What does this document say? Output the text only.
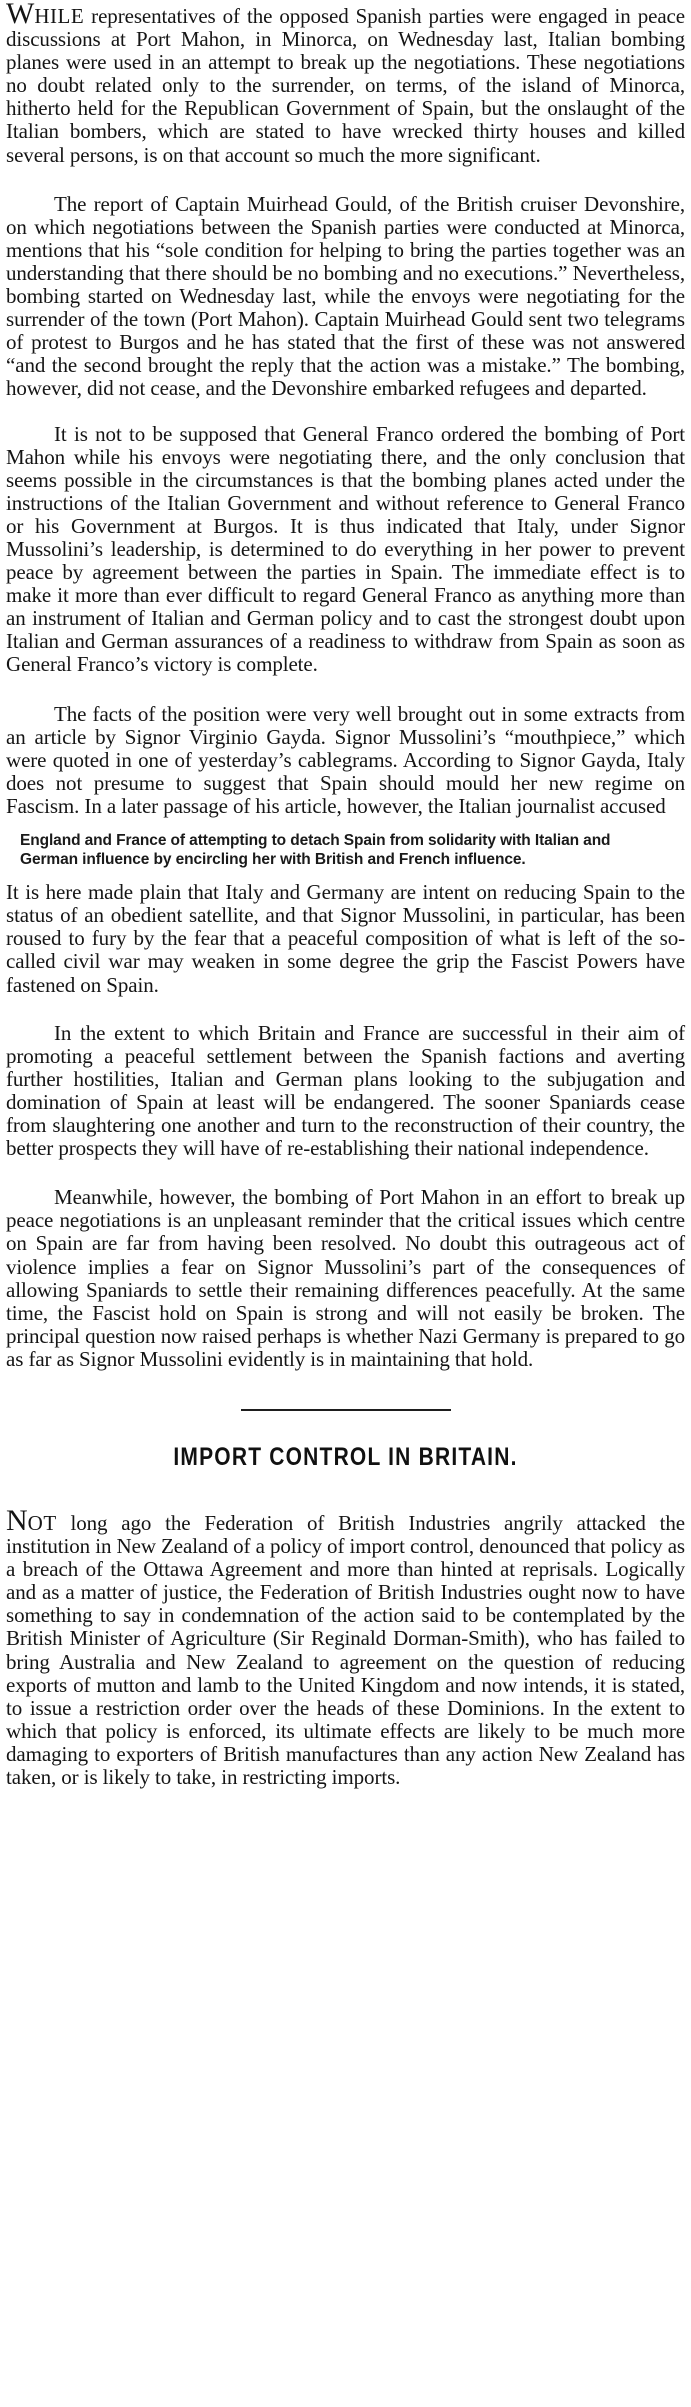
WHILE representatives of the opposed Spanish parties were engaged in peace discussions at Port Mahon, in Minorca, on Wednesday last, Italian bombing planes were used in an attempt to break up the negotiations. These negotiations no doubt related only to the surrender, on terms, of the island of Minorca, hitherto held for the Republican Government of Spain, but the onslaught of the Italian bombers, which are stated to have wrecked thirty houses and killed several persons, is on that account so much the more significant.

The report of Captain Muirhead Gould, of the British cruiser Devonshire, on which negotiations between the Spanish parties were conducted at Minorca, mentions that his “sole condition for helping to bring the parties together was an understanding that there should be no bombing and no executions.” Nevertheless, bombing started on Wednesday last, while the envoys were negotiating for the surrender of the town (Port Mahon). Captain Muirhead Gould sent two telegrams of protest to Burgos and he has stated that the first of these was not answered “and the second brought the reply that the action was a mistake.” The bombing, however, did not cease, and the Devonshire embarked refugees and departed.

It is not to be supposed that General Franco ordered the bombing of Port Mahon while his envoys were negotiating there, and the only conclusion that seems possible in the circumstances is that the bombing planes acted under the instructions of the Italian Government and without reference to General Franco or his Government at Burgos. It is thus indicated that Italy, under Signor Mussolini’s leadership, is determined to do everything in her power to prevent peace by agreement between the parties in Spain. The immediate effect is to make it more than ever difficult to regard General Franco as anything more than an instrument of Italian and German policy and to cast the strongest doubt upon Italian and German assurances of a readiness to withdraw from Spain as soon as General Franco’s victory is complete.

The facts of the position were very well brought out in some extracts from an article by Signor Virginio Gayda. Signor Mussolini’s “mouthpiece,” which were quoted in one of yesterday’s cablegrams. According to Signor Gayda, Italy does not presume to suggest that Spain should mould her new regime on Fascism. In a later passage of his article, however, the Italian journalist accused

England and France of attempting to detach Spain from solidarity with Italian and German influence by encircling her with British and French influence.

It is here made plain that Italy and Germany are intent on reducing Spain to the status of an obedient satellite, and that Signor Mussolini, in particular, has been roused to fury by the fear that a peaceful composition of what is left of the so-called civil war may weaken in some degree the grip the Fascist Powers have fastened on Spain.

In the extent to which Britain and France are successful in their aim of promoting a peaceful settlement between the Spanish factions and averting further hostilities, Italian and German plans looking to the subjugation and domination of Spain at least will be endangered. The sooner Spaniards cease from slaughtering one another and turn to the reconstruction of their country, the better prospects they will have of re-establishing their national independence.

Meanwhile, however, the bombing of Port Mahon in an effort to break up peace negotiations is an unpleasant reminder that the critical issues which centre on Spain are far from having been resolved. No doubt this outrageous act of violence implies a fear on Signor Mussolini’s part of the consequences of allowing Spaniards to settle their remaining differences peacefully. At the same time, the Fascist hold on Spain is strong and will not easily be broken. The principal question now raised perhaps is whether Nazi Germany is prepared to go as far as Signor Mussolini evidently is in maintaining that hold.

IMPORT CONTROL IN BRITAIN.

NOT long ago the Federation of British Industries angrily attacked the institution in New Zealand of a policy of import control, denounced that policy as a breach of the Ottawa Agreement and more than hinted at reprisals. Logically and as a matter of justice, the Federation of British Industries ought now to have something to say in condemnation of the action said to be contemplated by the British Minister of Agriculture (Sir Reginald Dorman-Smith), who has failed to bring Australia and New Zealand to agreement on the question of reducing exports of mutton and lamb to the United Kingdom and now intends, it is stated, to issue a restriction order over the heads of these Dominions. In the extent to which that policy is enforced, its ultimate effects are likely to be much more damaging to exporters of British manufactures than any action New Zealand has taken, or is likely to take, in restricting imports.
